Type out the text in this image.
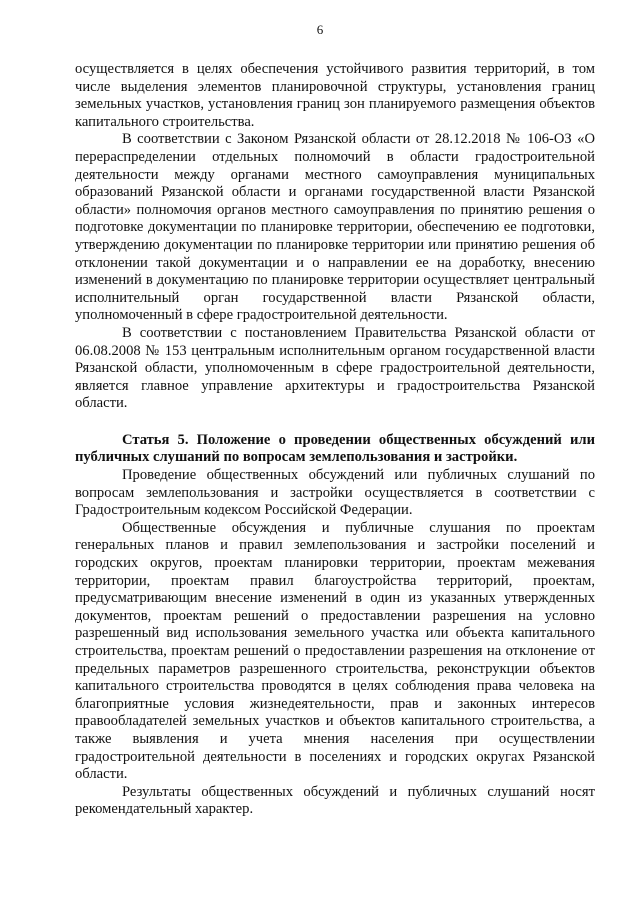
6

осуществляется в целях обеспечения устойчивого развития территорий, в том числе выделения элементов планировочной структуры, установления границ земельных участков, установления границ зон планируемого размещения объектов капитального строительства.

В соответствии с Законом Рязанской области от 28.12.2018 № 106-ОЗ «О перераспределении отдельных полномочий в области градостроительной деятельности между органами местного самоуправления муниципальных образований Рязанской области и органами государственной власти Рязанской области» полномочия органов местного самоуправления по принятию решения о подготовке документации по планировке территории, обеспечению ее подготовки, утверждению документации по планировке территории или принятию решения об отклонении такой документации и о направлении ее на доработку, внесению изменений в документацию по планировке территории осуществляет центральный исполнительный орган государственной власти Рязанской области, уполномоченный в сфере градостроительной деятельности.

В соответствии с постановлением Правительства Рязанской области от 06.08.2008 № 153 центральным исполнительным органом государственной власти Рязанской области, уполномоченным в сфере градостроительной деятельности, является главное управление архитектуры и градостроительства Рязанской области.

Статья 5. Положение о проведении общественных обсуждений или публичных слушаний по вопросам землепользования и застройки.

Проведение общественных обсуждений или публичных слушаний по вопросам землепользования и застройки осуществляется в соответствии с Градостроительным кодексом Российской Федерации.

Общественные обсуждения и публичные слушания по проектам генеральных планов и правил землепользования и застройки поселений и городских округов, проектам планировки территории, проектам межевания территории, проектам правил благоустройства территорий, проектам, предусматривающим внесение изменений в один из указанных утвержденных документов, проектам решений о предоставлении разрешения на условно разрешенный вид использования земельного участка или объекта капитального строительства, проектам решений о предоставлении разрешения на отклонение от предельных параметров разрешенного строительства, реконструкции объектов капитального строительства проводятся в целях соблюдения права человека на благоприятные условия жизнедеятельности, прав и законных интересов правообладателей земельных участков и объектов капитального строительства, а также выявления и учета мнения населения при осуществлении градостроительной деятельности в поселениях и городских округах Рязанской области.

Результаты общественных обсуждений и публичных слушаний носят рекомендательный характер.
